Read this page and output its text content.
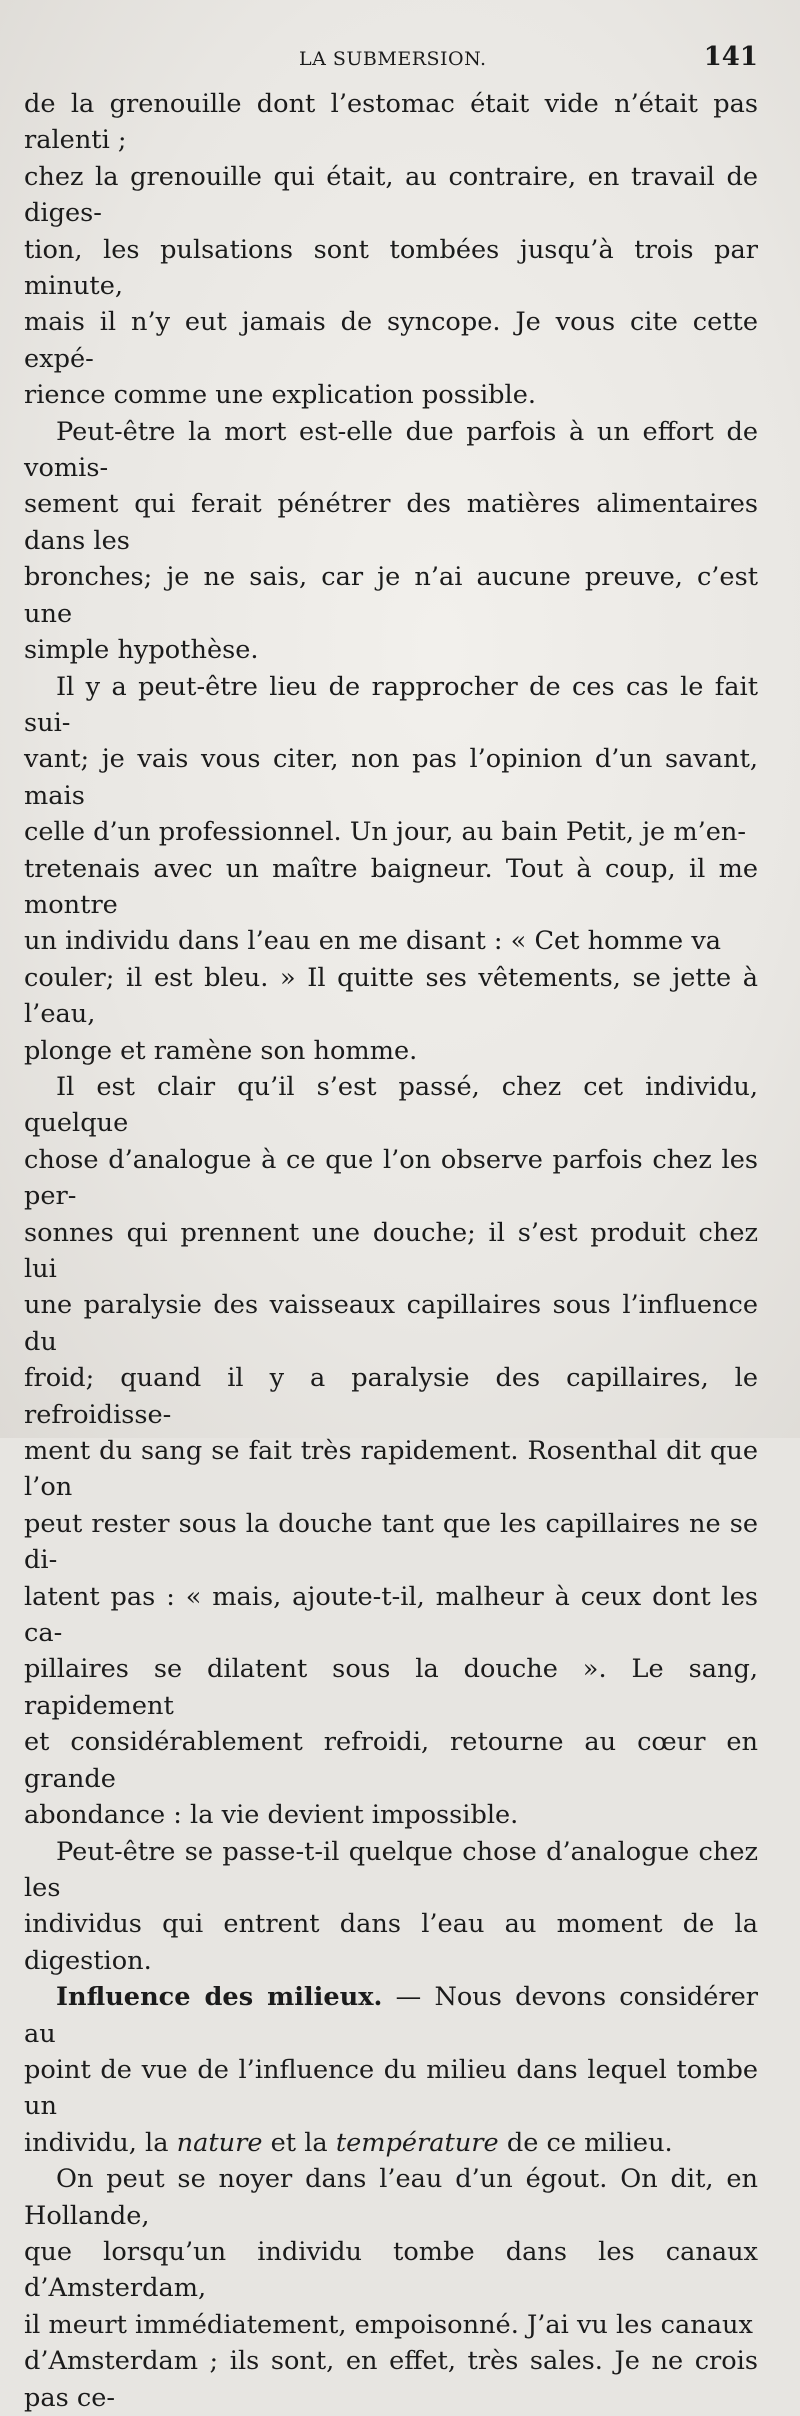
LA SUBMERSION.	141

de la grenouille dont l’estomac était vide n’était pas ralenti ;
chez la grenouille qui était, au contraire, en travail de diges-
tion, les pulsations sont tombées jusqu’à trois par minute,
mais il n’y eut jamais de syncope. Je vous cite cette expé-
rience comme une explication possible.

Peut-être la mort est-elle due parfois à un effort de vomis-
sement qui ferait pénétrer des matières alimentaires dans les
bronches; je ne sais, car je n’ai aucune preuve, c’est une
simple hypothèse.

Il y a peut-être lieu de rapprocher de ces cas le fait sui-
vant; je vais vous citer, non pas l’opinion d’un savant, mais
celle d’un professionnel. Un jour, au bain Petit, je m’en-
tretenais avec un maître baigneur. Tout à coup, il me montre
un individu dans l’eau en me disant : « Cet homme va
couler; il est bleu. » Il quitte ses vêtements, se jette à l’eau,
plonge et ramène son homme.

Il est clair qu’il s’est passé, chez cet individu, quelque
chose d’analogue à ce que l’on observe parfois chez les per-
sonnes qui prennent une douche; il s’est produit chez lui
une paralysie des vaisseaux capillaires sous l’influence du
froid; quand il y a paralysie des capillaires, le refroidisse-
ment du sang se fait très rapidement. Rosenthal dit que l’on
peut rester sous la douche tant que les capillaires ne se di-
latent pas : « mais, ajoute-t-il, malheur à ceux dont les ca-
pillaires se dilatent sous la douche ». Le sang, rapidement
et considérablement refroidi, retourne au cœur en grande
abondance : la vie devient impossible.

Peut-être se passe-t-il quelque chose d’analogue chez les
individus qui entrent dans l’eau au moment de la digestion.

Influence des milieux. — Nous devons considérer au
point de vue de l’influence du milieu dans lequel tombe un
individu, la nature et la température de ce milieu.

On peut se noyer dans l’eau d’un égout. On dit, en Hollande,
que lorsqu’un individu tombe dans les canaux d’Amsterdam,
il meurt immédiatement, empoisonné. J’ai vu les canaux
d’Amsterdam ; ils sont, en effet, très sales. Je ne crois pas ce-
